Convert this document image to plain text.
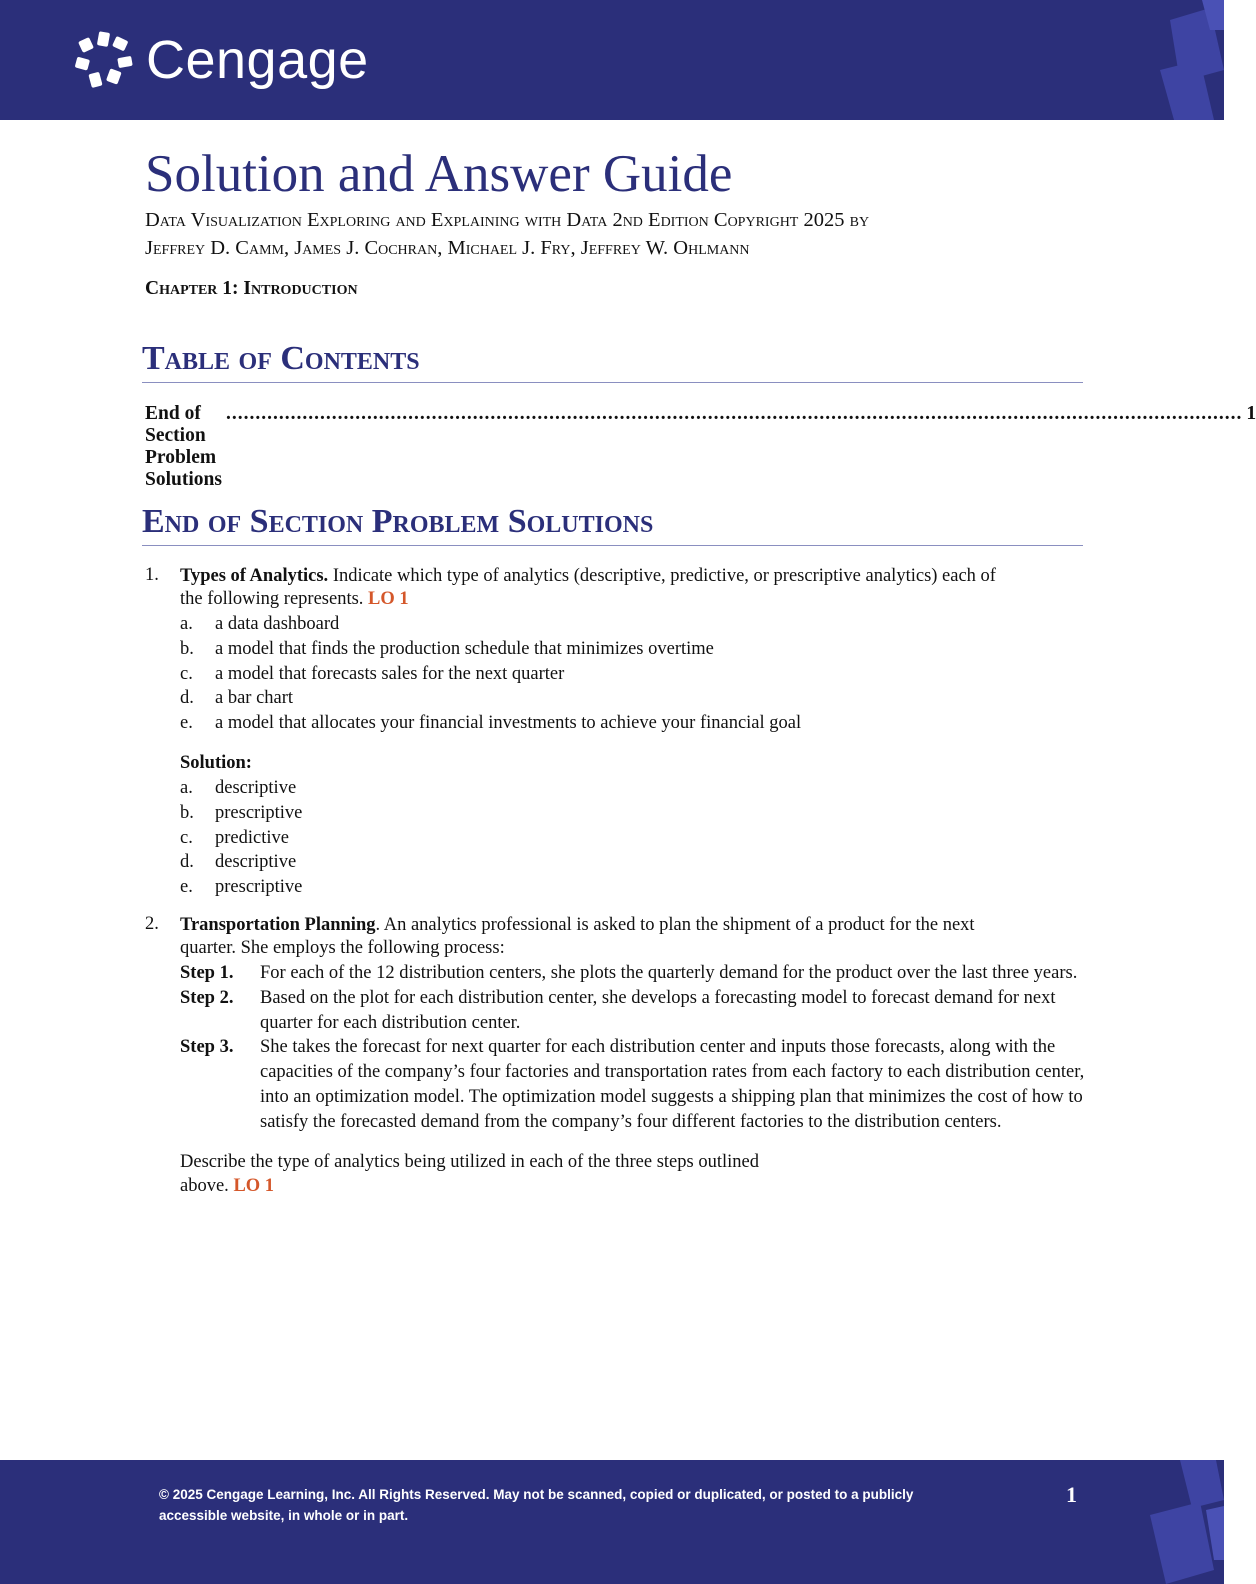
Cengage
Solution and Answer Guide
Data Visualization Exploring and Explaining with Data 2nd Edition Copyright 2025 by
Jeffrey D. Camm, James J. Cochran, Michael J. Fry, Jeffrey W. Ohlmann
Chapter 1: Introduction
Table of Contents
End of Section Problem Solutions
............................................................................................................................................................................. 1
End of Section Problem Solutions
1. Types of Analytics. Indicate which type of analytics (descriptive, predictive, or prescriptive analytics) each of
the following represents. LO 1
a.	a data dashboard
b.	a model that finds the production schedule that minimizes overtime
c.	a model that forecasts sales for the next quarter
d.	a bar chart
e.	a model that allocates your financial investments to achieve your financial goal
Solution:
a.	descriptive
b.	prescriptive
c.	predictive
d.	descriptive
e.	prescriptive
2. Transportation Planning. An analytics professional is asked to plan the shipment of a product for the next
quarter. She employs the following process:
Step 1.	For each of the 12 distribution centers, she plots the quarterly demand for the product over the last three years.
Step 2.	Based on the plot for each distribution center, she develops a forecasting model to forecast demand for next quarter for each distribution center.
Step 3.	She takes the forecast for next quarter for each distribution center and inputs those forecasts, along with the capacities of the company’s four factories and transportation rates from each factory to each distribution center, into an optimization model. The optimization model suggests a shipping plan that minimizes the cost of how to satisfy the forecasted demand from the company’s four different factories to the distribution centers.
Describe the type of analytics being utilized in each of the three steps outlined
above. LO 1
© 2025 Cengage Learning, Inc. All Rights Reserved. May not be scanned, copied or duplicated, or posted to a publicly
accessible website, in whole or in part.
1
